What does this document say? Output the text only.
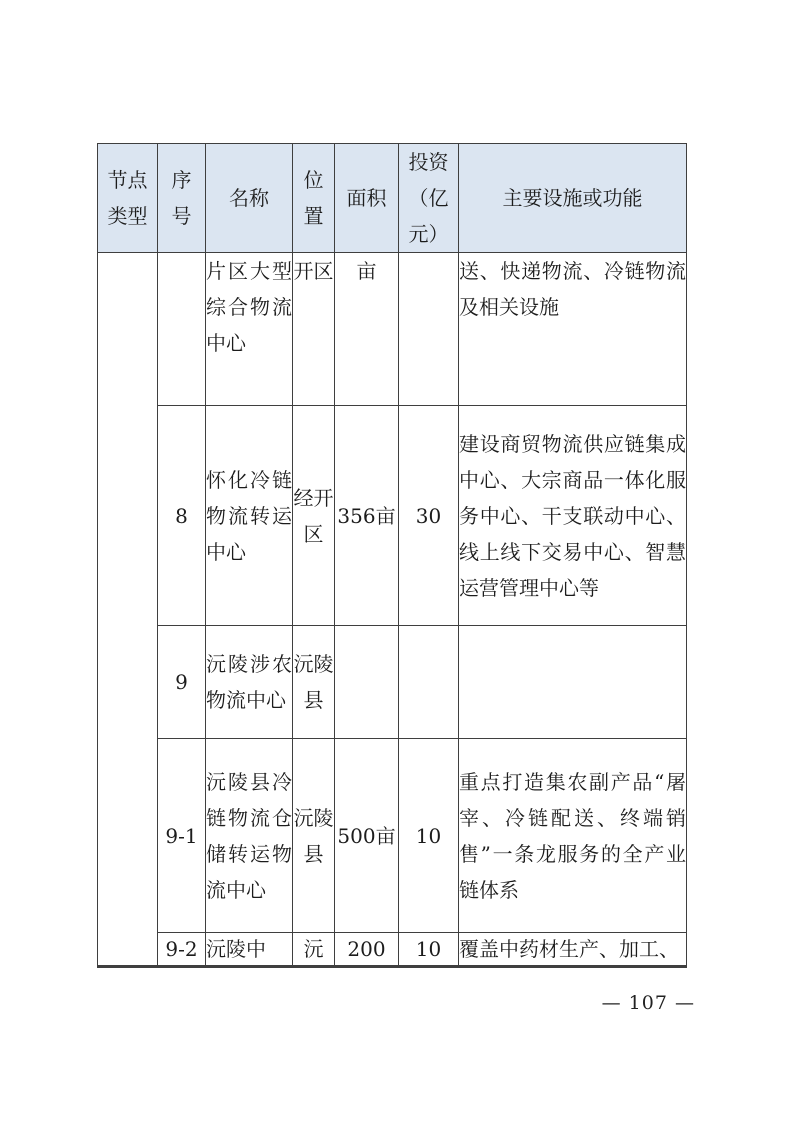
节点类型	序号	名称	位置	面积	投资（亿元）	主要设施或功能
		片区大型综合物流中心	开区	亩		送、快递物流、冷链物流及相关设施
	8	怀化冷链物流转运中心	经开区	356亩	30	建设商贸物流供应链集成中心、大宗商品一体化服务中心、干支联动中心、线上线下交易中心、智慧运营管理中心等
	9	沅陵涉农物流中心	沅陵县			
	9-1	沅陵县冷链物流仓储转运物流中心	沅陵县	500亩	10	重点打造集农副产品“屠宰、冷链配送、终端销售”一条龙服务的全产业链体系
	9-2	沅陵中	沅	200	10	覆盖中药材生产、加工、
— 107 —
